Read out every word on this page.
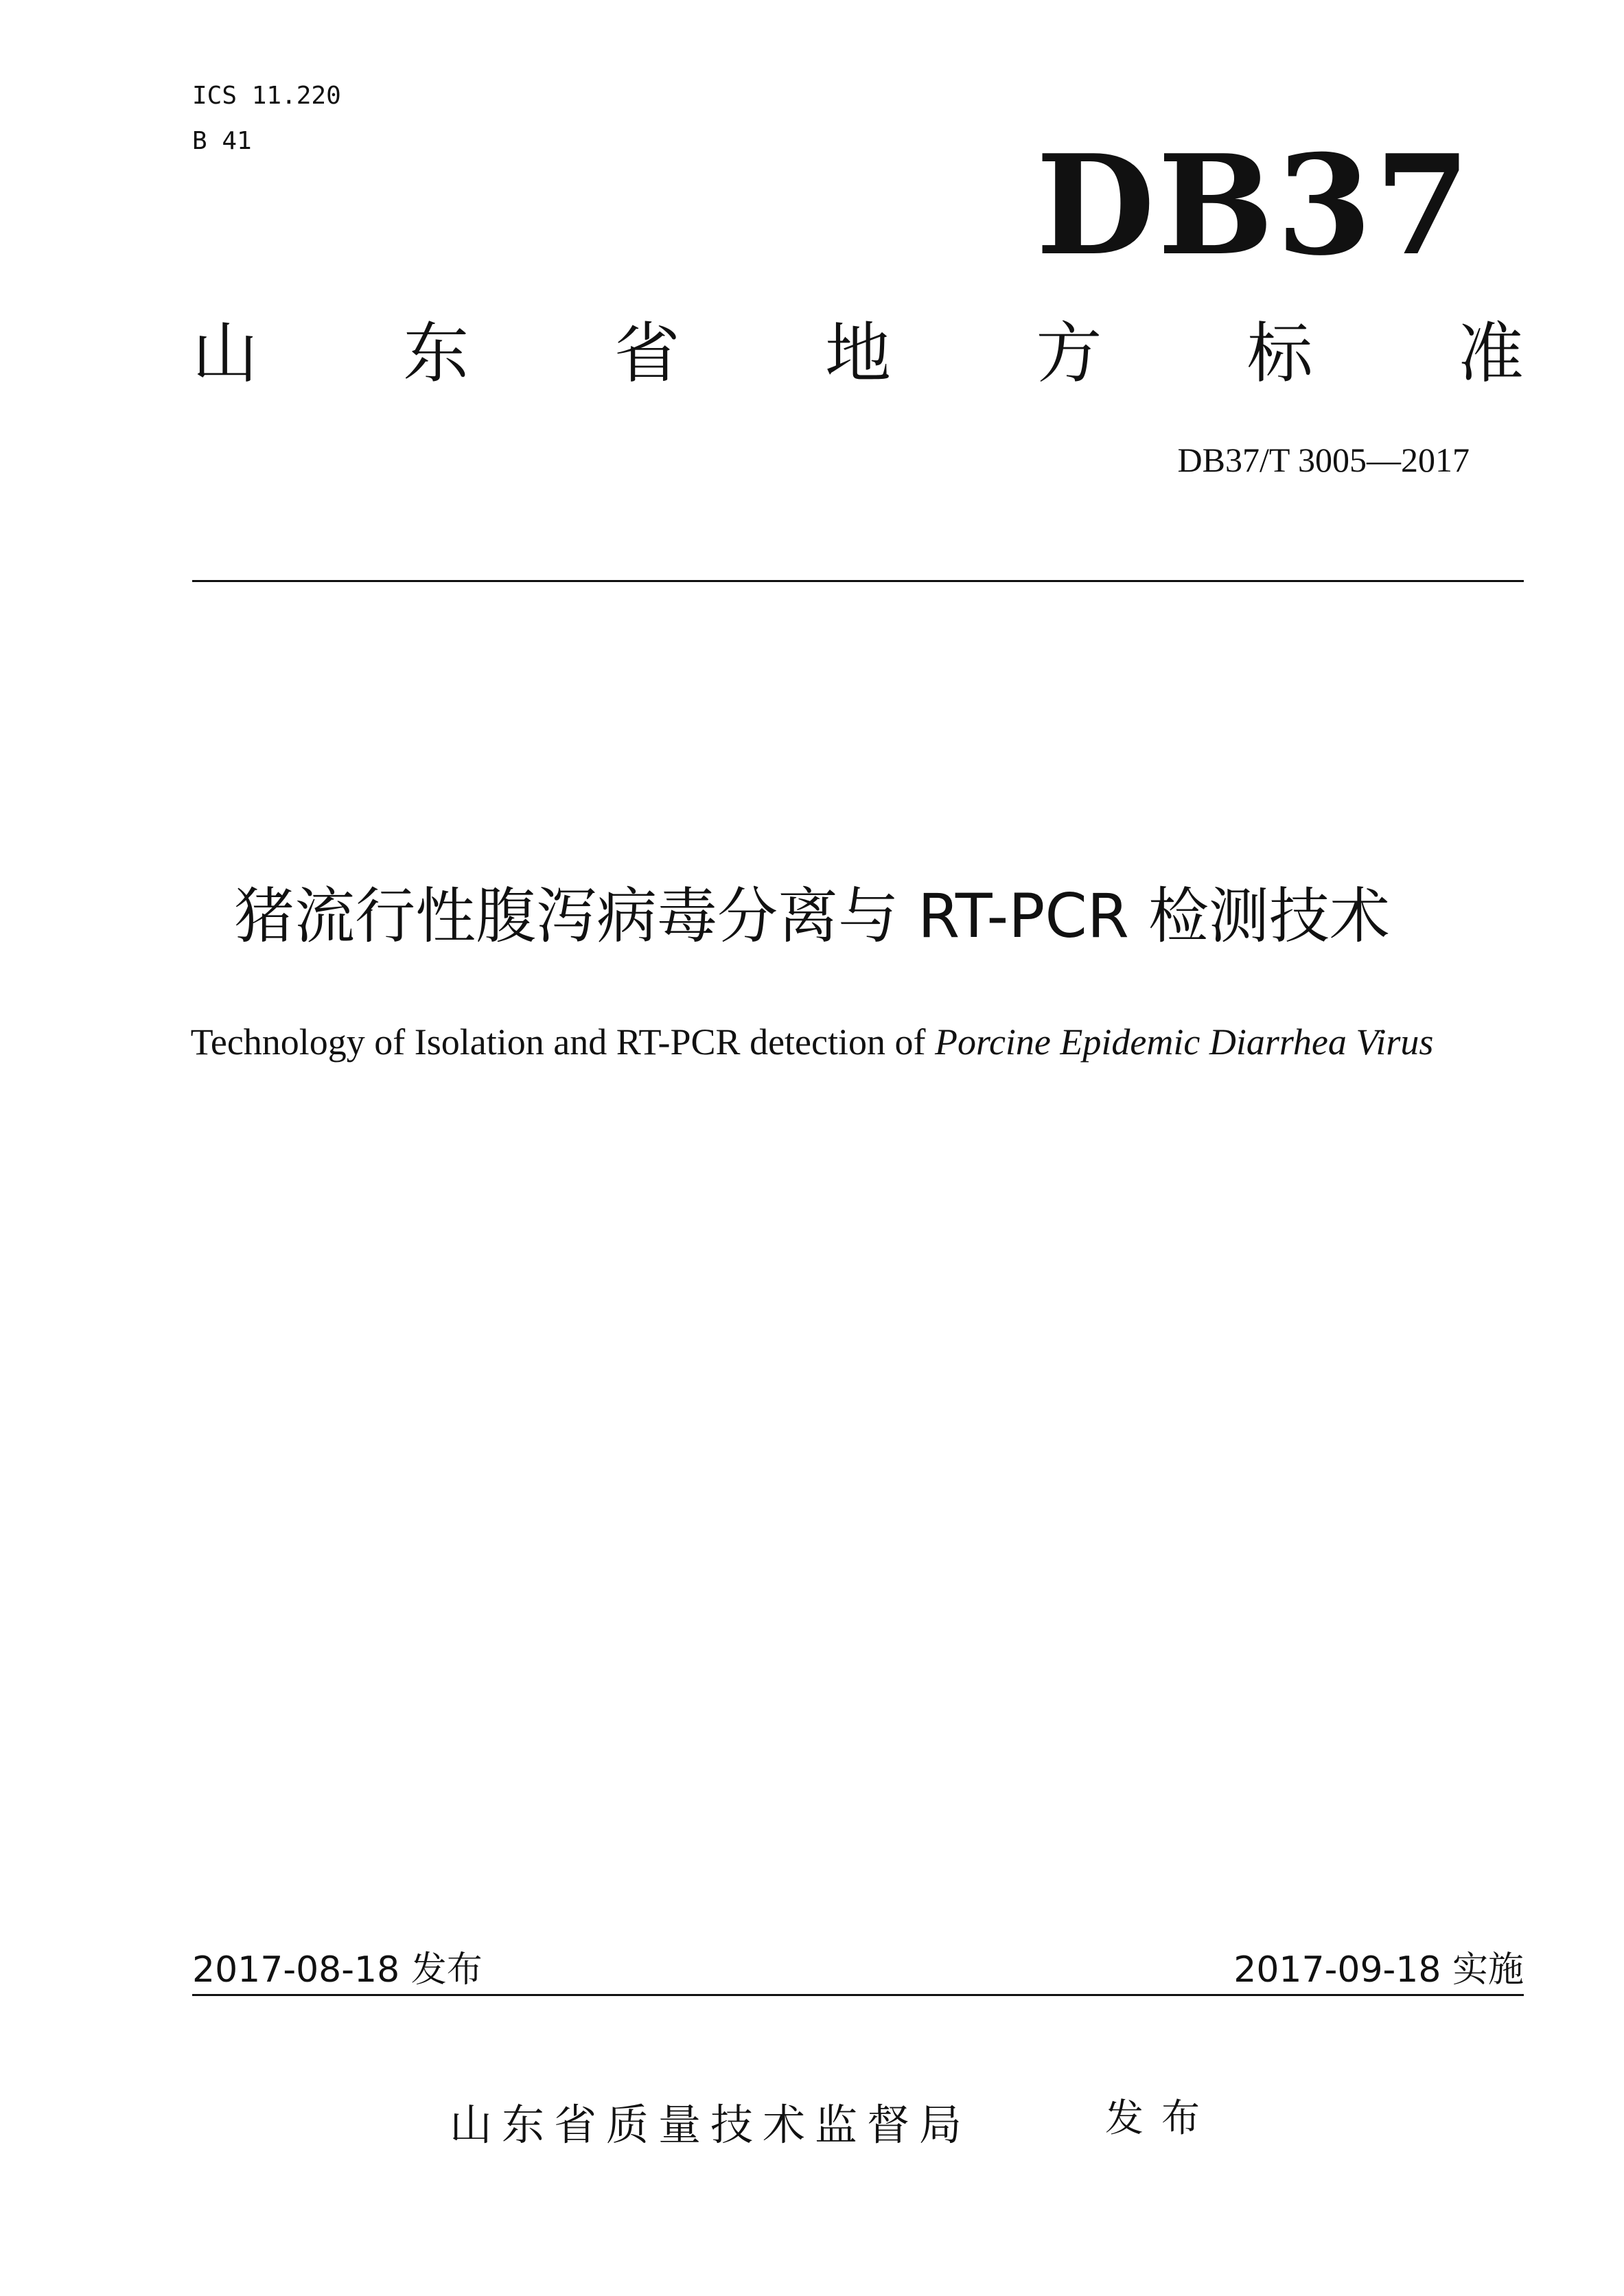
ICS 11.220
B 41	DB37
山 东 省 地 方 标 准
DB37/T 3005—2017
猪流行性腹泻病毒分离与 RT-PCR 检测技术
Technology of Isolation and RT-PCR detection of Porcine Epidemic Diarrhea Virus
2017-08-18 发布	2017-09-18 实施
山东省质量技术监督局	发布
